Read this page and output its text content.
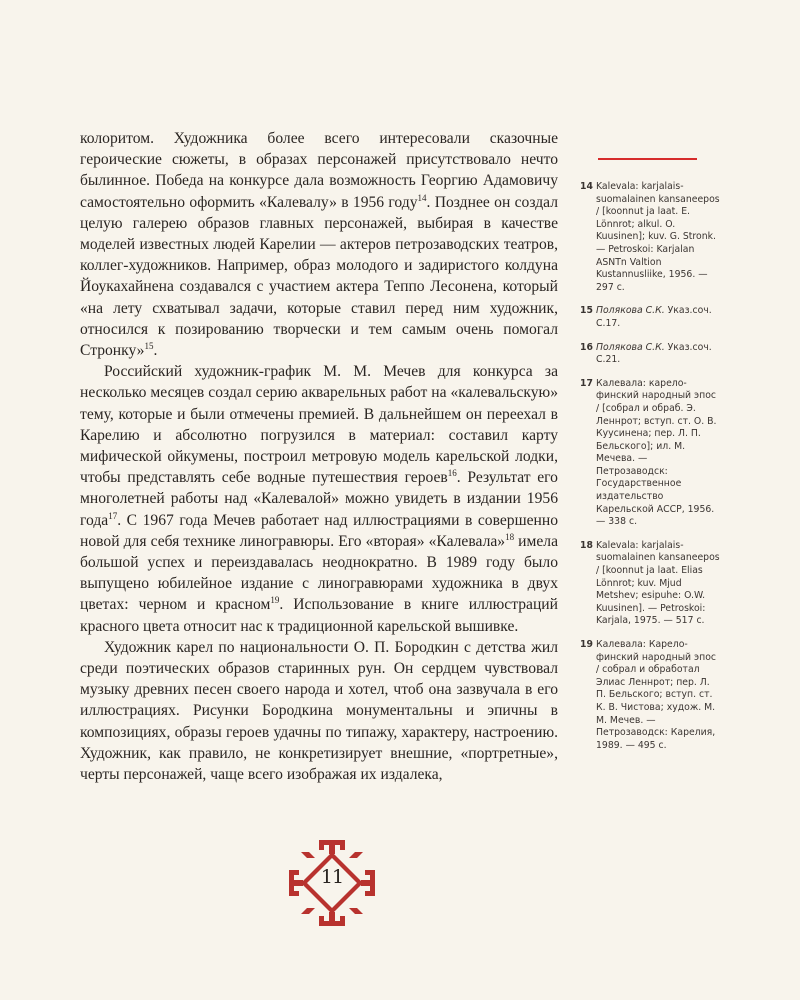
колоритом. Художника более всего интересовали сказочные героические сюжеты, в образах персонажей присутствовало нечто былинное. Победа на конкурсе дала возможность Георгию Адамовичу самостоятельно оформить «Калевалу» в 1956 году$^{14}$. Позднее он создал целую галерею образов главных персонажей, выбирая в качестве моделей известных людей Карелии — актеров петрозаводских театров, коллег-художников. Например, образ молодого и задиристого колдуна Йоукахайнена создавался с участием актера Теппо Лесонена, который «на лету схватывал задачи, которые ставил перед ним художник, относился к позированию творчески и тем самым очень помогал Стронку»$^{15}$.

Российский художник-график М. М. Мечев для конкурса за несколько месяцев создал серию акварельных работ на «калевальскую» тему, которые и были отмечены премией. В дальнейшем он переехал в Карелию и абсолютно погрузился в материал: составил карту мифической ойкумены, построил метровую модель карельской лодки, чтобы представлять себе водные путешествия героев$^{16}$. Результат его многолетней работы над «Калевалой» можно увидеть в издании 1956 года$^{17}$. С 1967 года Мечев работает над иллюстрациями в совершенно новой для себя технике линогравюры. Его «вторая» «Калевала»$^{18}$ имела большой успех и переиздавалась неоднократно. В 1989 году было выпущено юбилейное издание с линогравюрами художника в двух цветах: черном и красном$^{19}$. Использование в книге иллюстраций красного цвета относит нас к традиционной карельской вышивке.

Художник карел по национальности О. П. Бородкин с детства жил среди поэтических образов старинных рун. Он сердцем чувствовал музыку древних песен своего народа и хотел, чтоб она зазвучала в его иллюстрациях. Рисунки Бородкина монументальны и эпичны в композициях, образы героев удачны по типажу, характеру, настроению. Художник, как правило, не конкретизирует внешние, «портретные», черты персонажей, чаще всего изображая их издалека,

14 Kalevala: karjalais-suomalainen kansaneepos / [koonnut ja laat. E. Lönnrot; alkul. O. Kuusinen]; kuv. G. Stronk. — Petroskoi: Karjalan ASNTn Valtion Kustannusliike, 1956. — 297 с.
15 Полякова С.К. Указ.соч. С.17.
16 Полякова С.К. Указ.соч. С.21.
17 Калевала: карело-финский народный эпос / [собрал и обраб. Э. Леннрот; вступ. ст. О. В. Куусинена; пер. Л. П. Бельского]; ил. М. Мечева. — Петрозаводск: Государственное издательство Карельской АССР, 1956. — 338 с.
18 Kalevala: karjalais-suomalainen kansaneepos / [koonnut ja laat. Elias Lönnrot; kuv. Mjud Metshev; esipuhe: O.W. Kuusinen]. — Petroskoi: Karjala, 1975. — 517 с.
19 Калевала: Карело-финский народный эпос / собрал и обработал Элиас Леннрот; пер. Л. П. Бельского; вступ. ст. К. В. Чистова; худож. М. М. Мечев. — Петрозаводск: Карелия, 1989. — 495 с.
11
